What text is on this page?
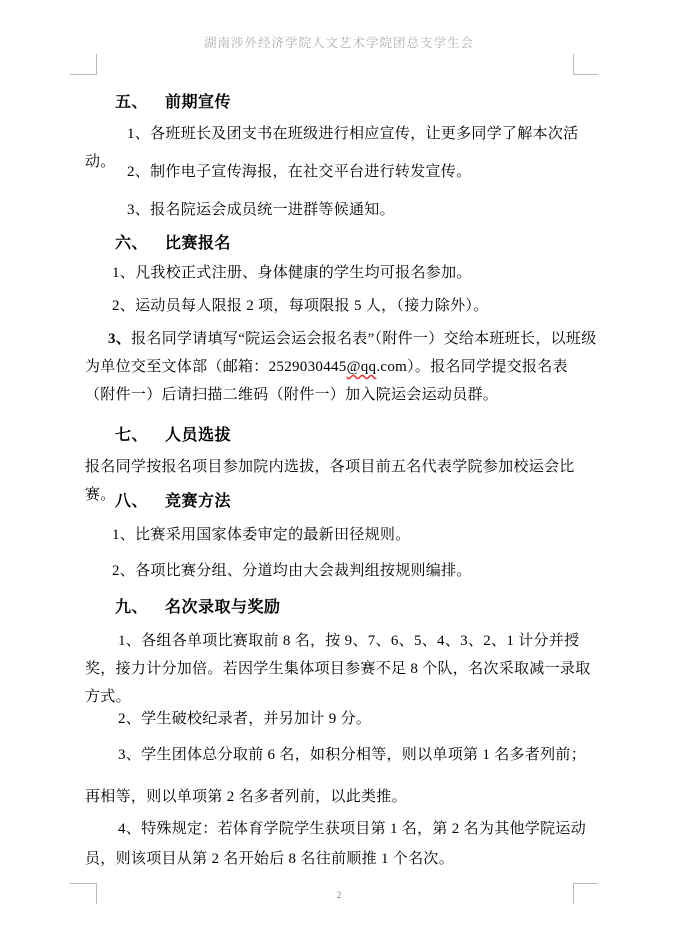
湖南涉外经济学院人文艺术学院团总支学生会
五、 前期宣传
1、各班班长及团支书在班级进行相应宣传，让更多同学了解本次活动。
2、制作电子宣传海报，在社交平台进行转发宣传。
3、报名院运会成员统一进群等候通知。
六、 比赛报名
1、凡我校正式注册、身体健康的学生均可报名参加。
2、运动员每人限报 2 项，每项限报 5 人，（接力除外）。
3、报名同学请填写“院运会运会报名表”（附件一）交给本班班长，以班级为单位交至文体部（邮箱：2529030445@qq.com）。报名同学提交报名表（附件一）后请扫描二维码（附件一）加入院运会运动员群。
七、 人员选拔
报名同学按报名项目参加院内选拔，各项目前五名代表学院参加校运会比赛。 八、 竞赛方法
1、比赛采用国家体委审定的最新田径规则。
2、各项比赛分组、分道均由大会裁判组按规则编排。
九、 名次录取与奖励
1、各组各单项比赛取前 8 名，按 9、7、6、5、4、3、2、1 计分并授奖，接力计分加倍。若因学生集体项目参赛不足 8 个队，名次采取减一录取方式。
2、学生破校纪录者，并另加计 9 分。
3、学生团体总分取前 6 名，如积分相等，则以单项第 1 名多者列前；再相等，则以单项第 2 名多者列前，以此类推。
4、特殊规定：若体育学院学生获项目第 1 名，第 2 名为其他学院运动员，则该项目从第 2 名开始后 8 名往前顺推 1 个名次。
2
